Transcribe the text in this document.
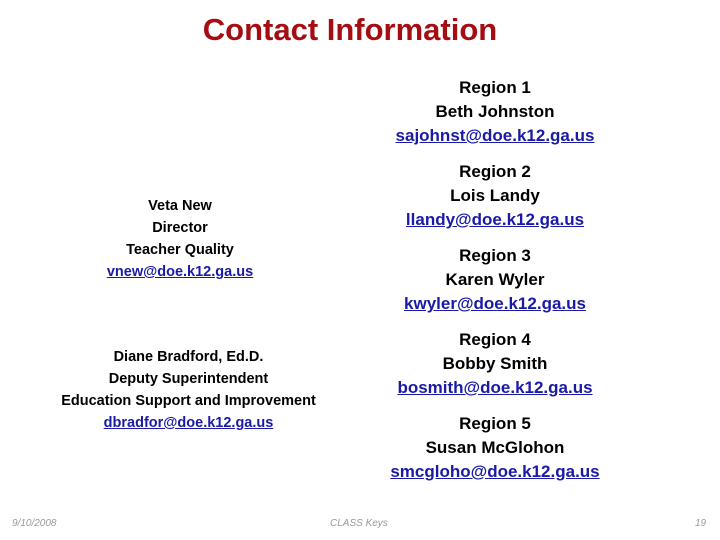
Contact Information
Veta New
Director
Teacher Quality
vnew@doe.k12.ga.us
Diane Bradford, Ed.D.
Deputy Superintendent
Education Support and Improvement
dbradfor@doe.k12.ga.us
Region 1
Beth Johnston
sajohnst@doe.k12.ga.us
Region 2
Lois Landy
llandy@doe.k12.ga.us
Region 3
Karen Wyler
kwyler@doe.k12.ga.us
Region 4
Bobby Smith
bosmith@doe.k12.ga.us
Region 5
Susan McGlohon
smcgloho@doe.k12.ga.us
9/10/2008	CLASS Keys	19
